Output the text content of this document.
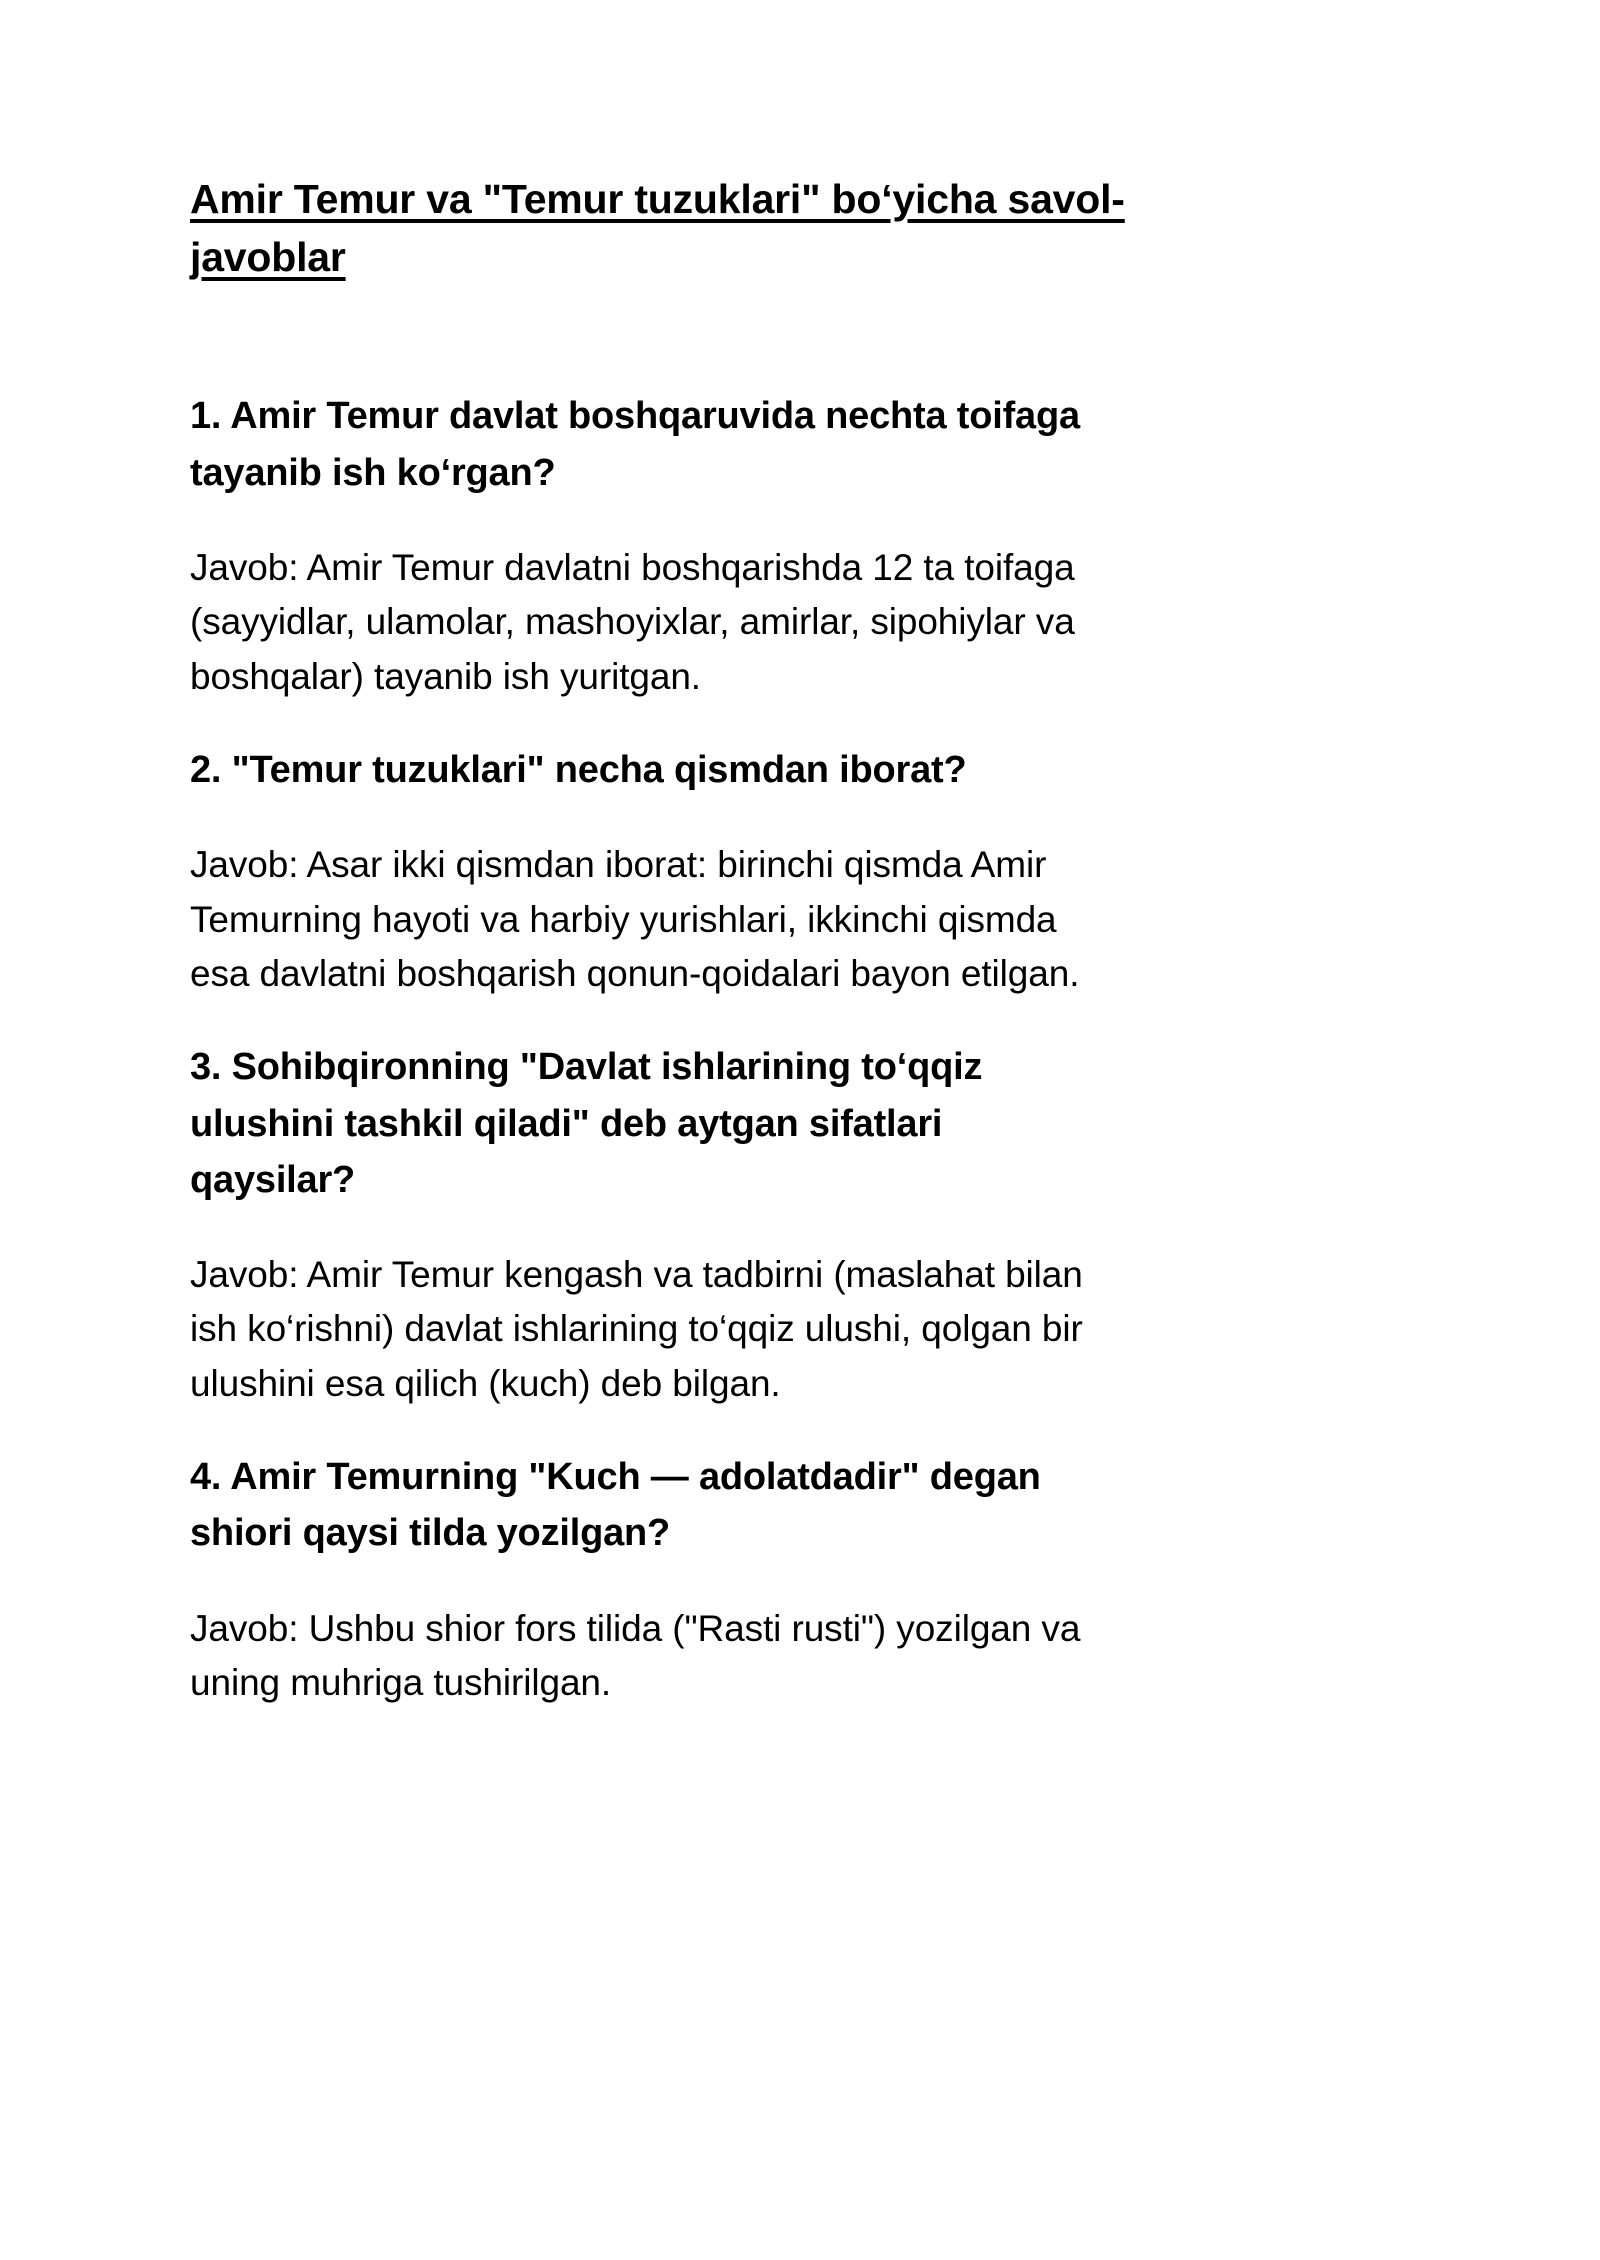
Amir Temur va "Temur tuzuklari" bo‘yicha savol-javoblar
1. Amir Temur davlat boshqaruvida nechta toifaga tayanib ish ko‘rgan?

Javob: Amir Temur davlatni boshqarishda 12 ta toifaga (sayyidlar, ulamolar, mashoyixlar, amirlar, sipohiylar va boshqalar) tayanib ish yuritgan.

2. "Temur tuzuklari" necha qismdan iborat?

Javob: Asar ikki qismdan iborat: birinchi qismda Amir Temurning hayoti va harbiy yurishlari, ikkinchi qismda esa davlatni boshqarish qonun-qoidalari bayon etilgan.

3. Sohibqironning "Davlat ishlarining to‘qqiz ulushini tashkil qiladi" deb aytgan sifatlari qaysilar?

Javob: Amir Temur kengash va tadbirni (maslahat bilan ish ko‘rishni) davlat ishlarining to‘qqiz ulushi, qolgan bir ulushini esa qilich (kuch) deb bilgan.

4. Amir Temurning "Kuch — adolatdadir" degan shiori qaysi tilda yozilgan?

Javob: Ushbu shior fors tilida ("Rasti rusti") yozilgan va uning muhriga tushirilgan.
